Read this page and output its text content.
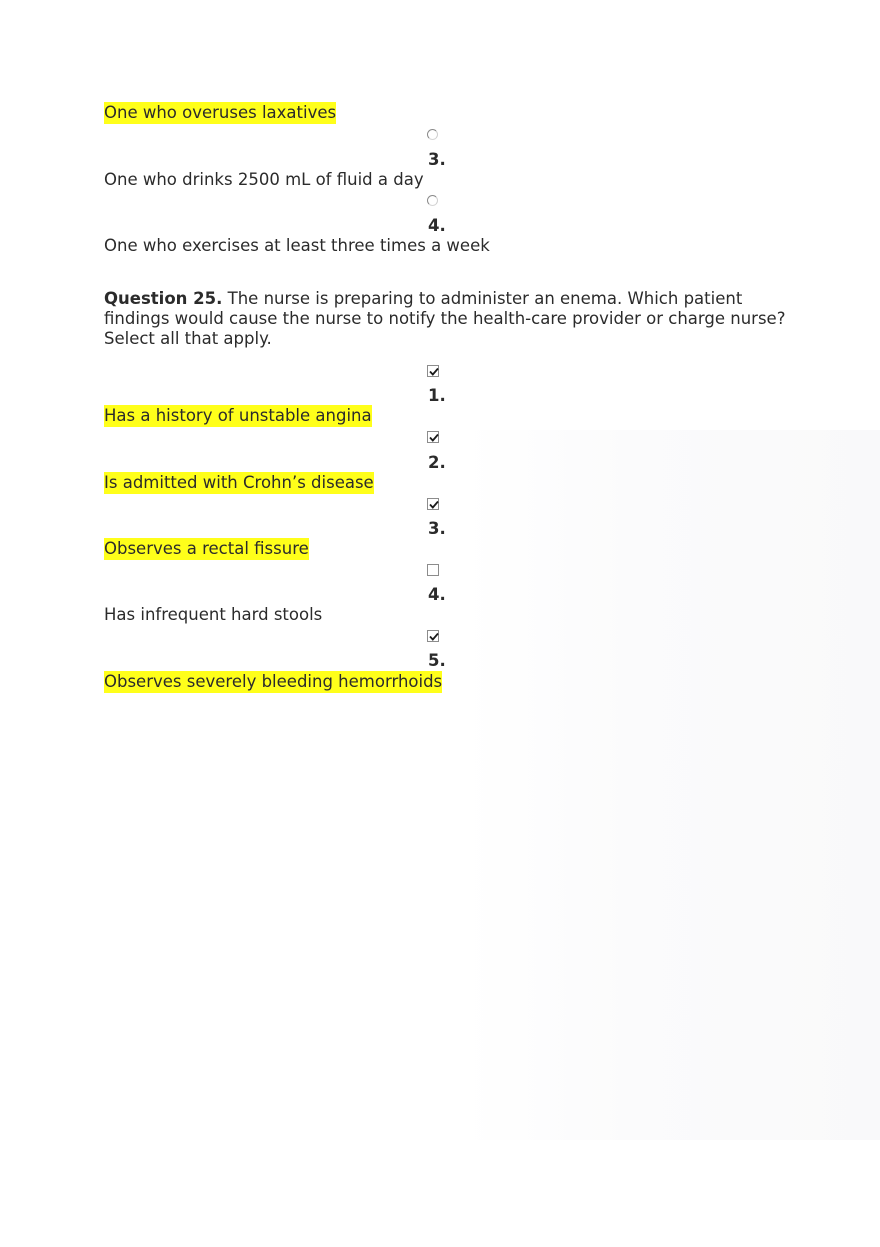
One who overuses laxatives
3.
One who drinks 2500 mL of fluid a day
4.
One who exercises at least three times a week
Question 25. The nurse is preparing to administer an enema. Which patient findings would cause the nurse to notify the health-care provider or charge nurse? Select all that apply.
1.
Has a history of unstable angina
2.
Is admitted with Crohn’s disease
3.
Observes a rectal fissure
4.
Has infrequent hard stools
5.
Observes severely bleeding hemorrhoids
